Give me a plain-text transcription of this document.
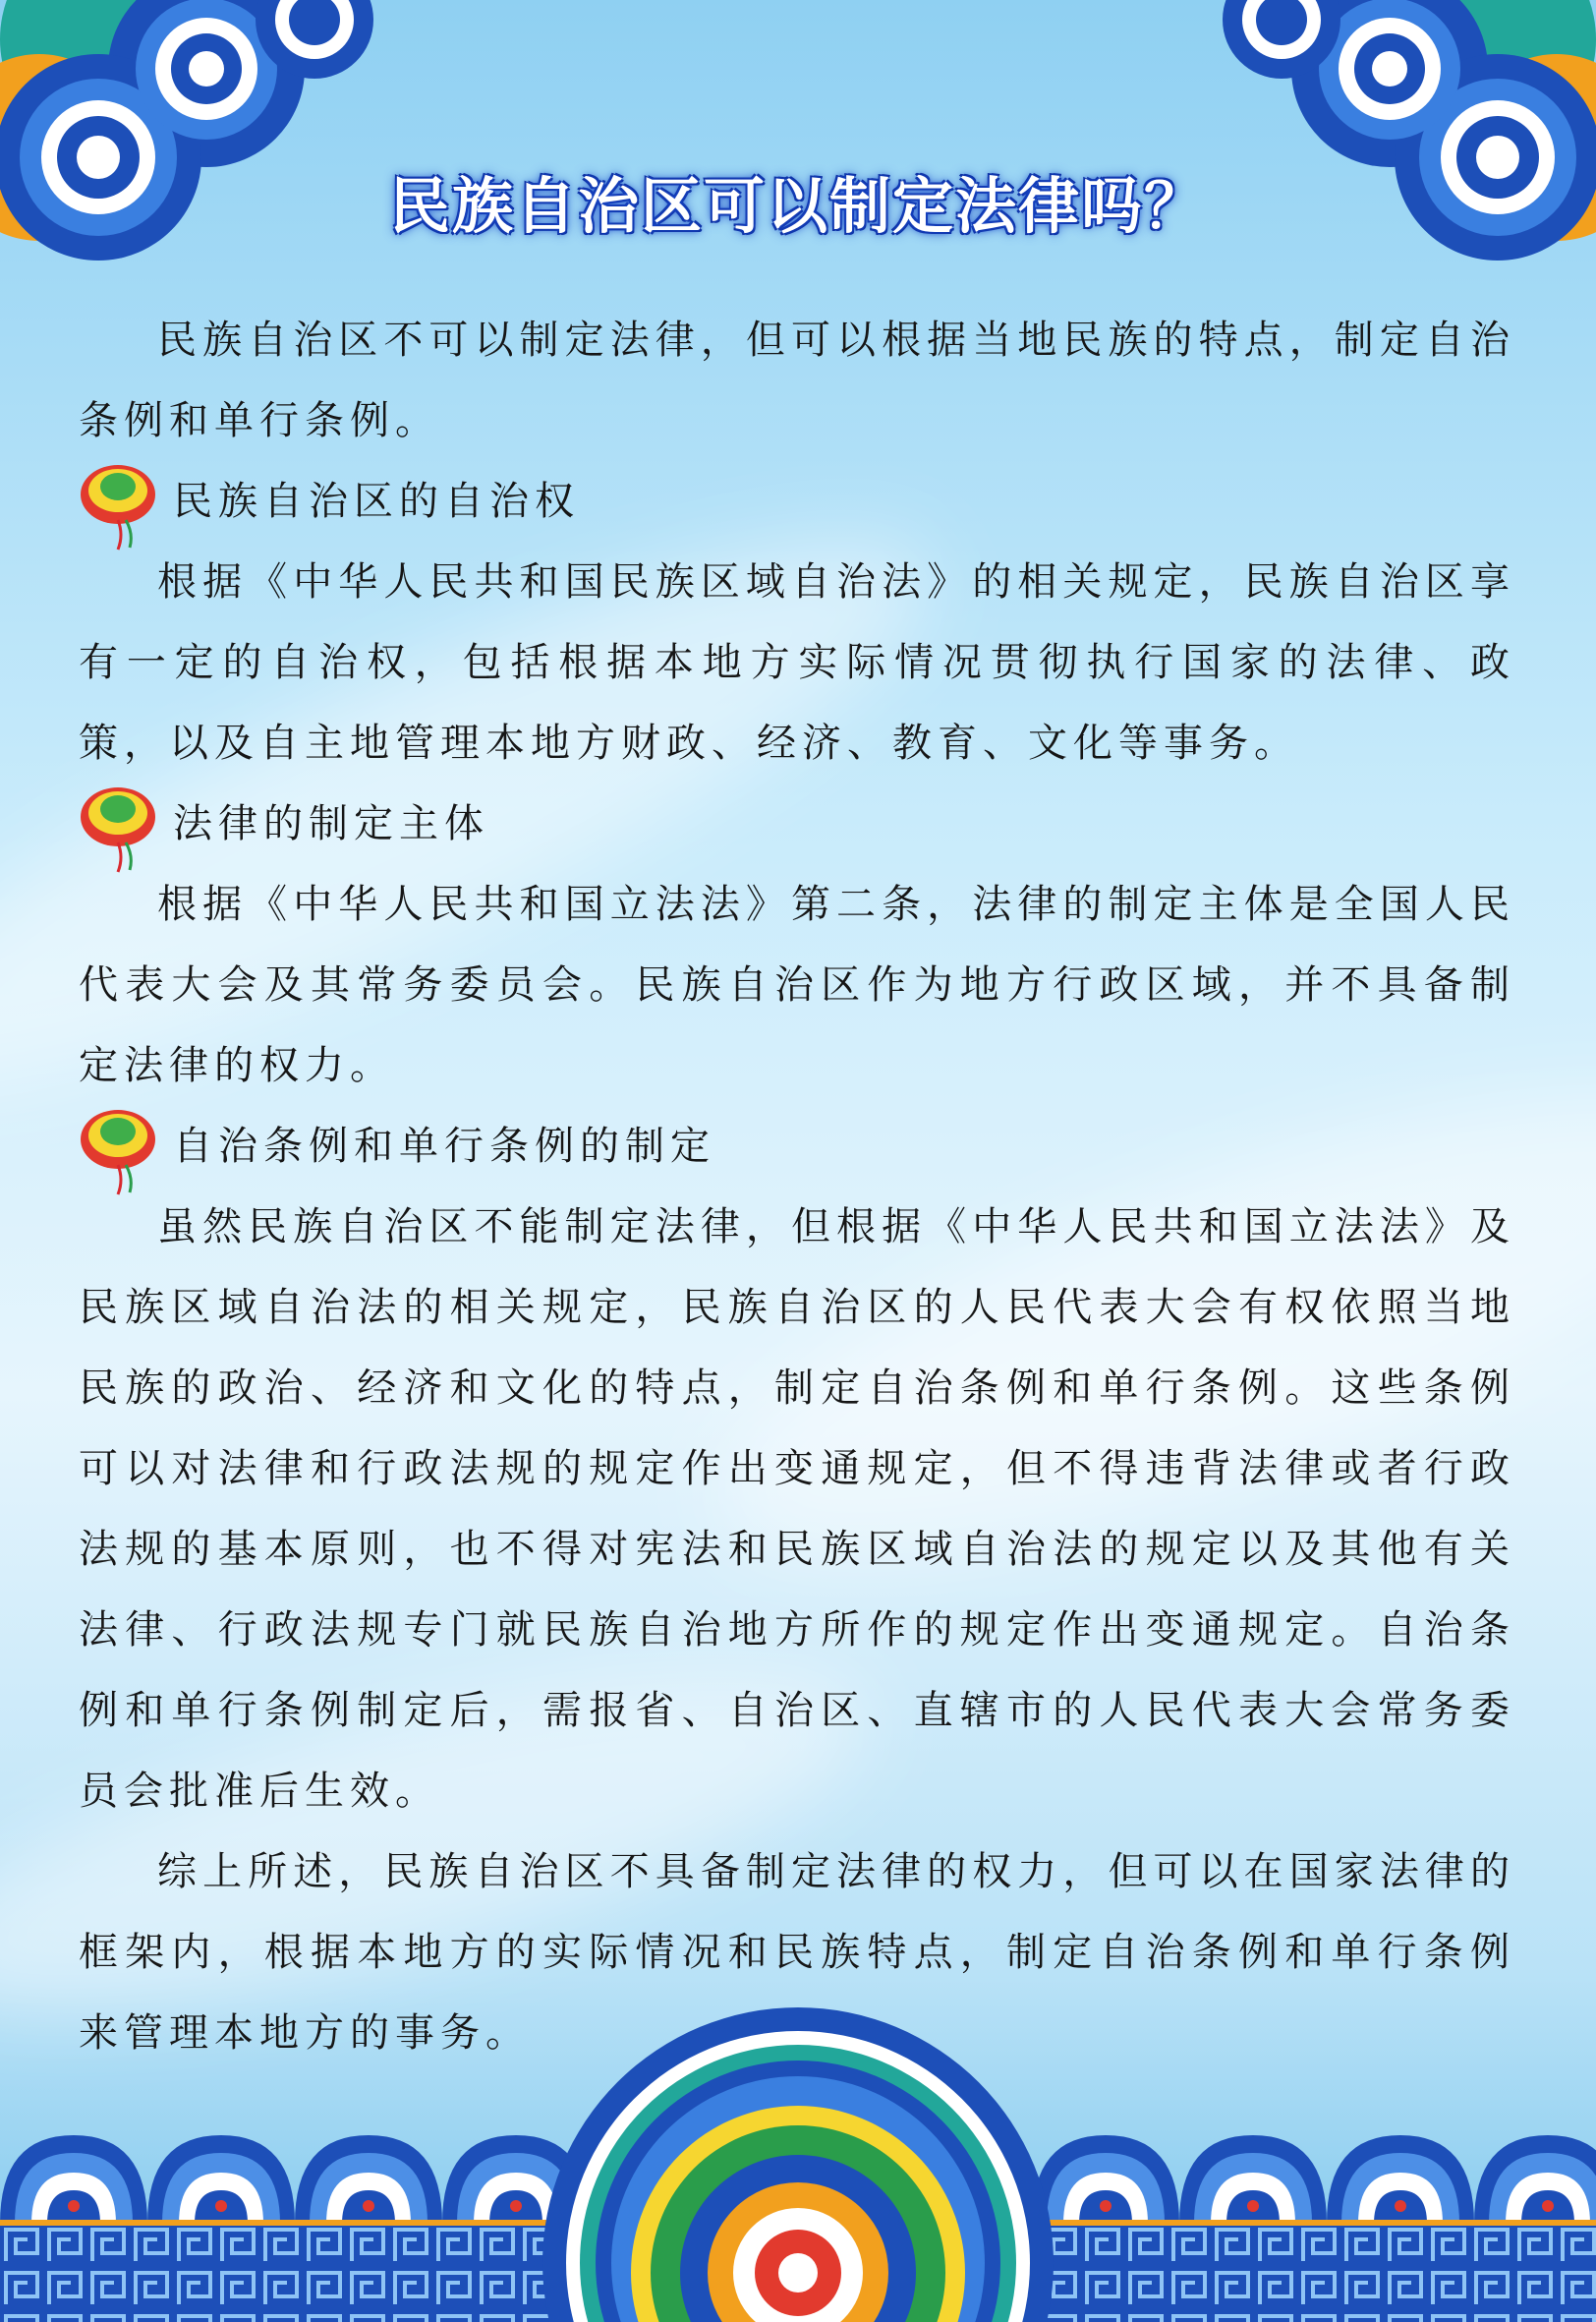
民族自治区可以制定法律吗？

民族自治区不可以制定法律，但可以根据当地民族的特点，制定自治条例和单行条例。

民族自治区的自治权

根据《中华人民共和国民族区域自治法》的相关规定，民族自治区享有一定的自治权，包括根据本地方实际情况贯彻执行国家的法律、政策，以及自主地管理本地方财政、经济、教育、文化等事务。

法律的制定主体

根据《中华人民共和国立法法》第二条，法律的制定主体是全国人民代表大会及其常务委员会。民族自治区作为地方行政区域，并不具备制定法律的权力。

自治条例和单行条例的制定

虽然民族自治区不能制定法律，但根据《中华人民共和国立法法》及民族区域自治法的相关规定，民族自治区的人民代表大会有权依照当地民族的政治、经济和文化的特点，制定自治条例和单行条例。这些条例可以对法律和行政法规的规定作出变通规定，但不得违背法律或者行政法规的基本原则，也不得对宪法和民族区域自治法的规定以及其他有关法律、行政法规专门就民族自治地方所作的规定作出变通规定。自治条例和单行条例制定后，需报省、自治区、直辖市的人民代表大会常务委员会批准后生效。

综上所述，民族自治区不具备制定法律的权力，但可以在国家法律的框架内，根据本地方的实际情况和民族特点，制定自治条例和单行条例来管理本地方的事务。
